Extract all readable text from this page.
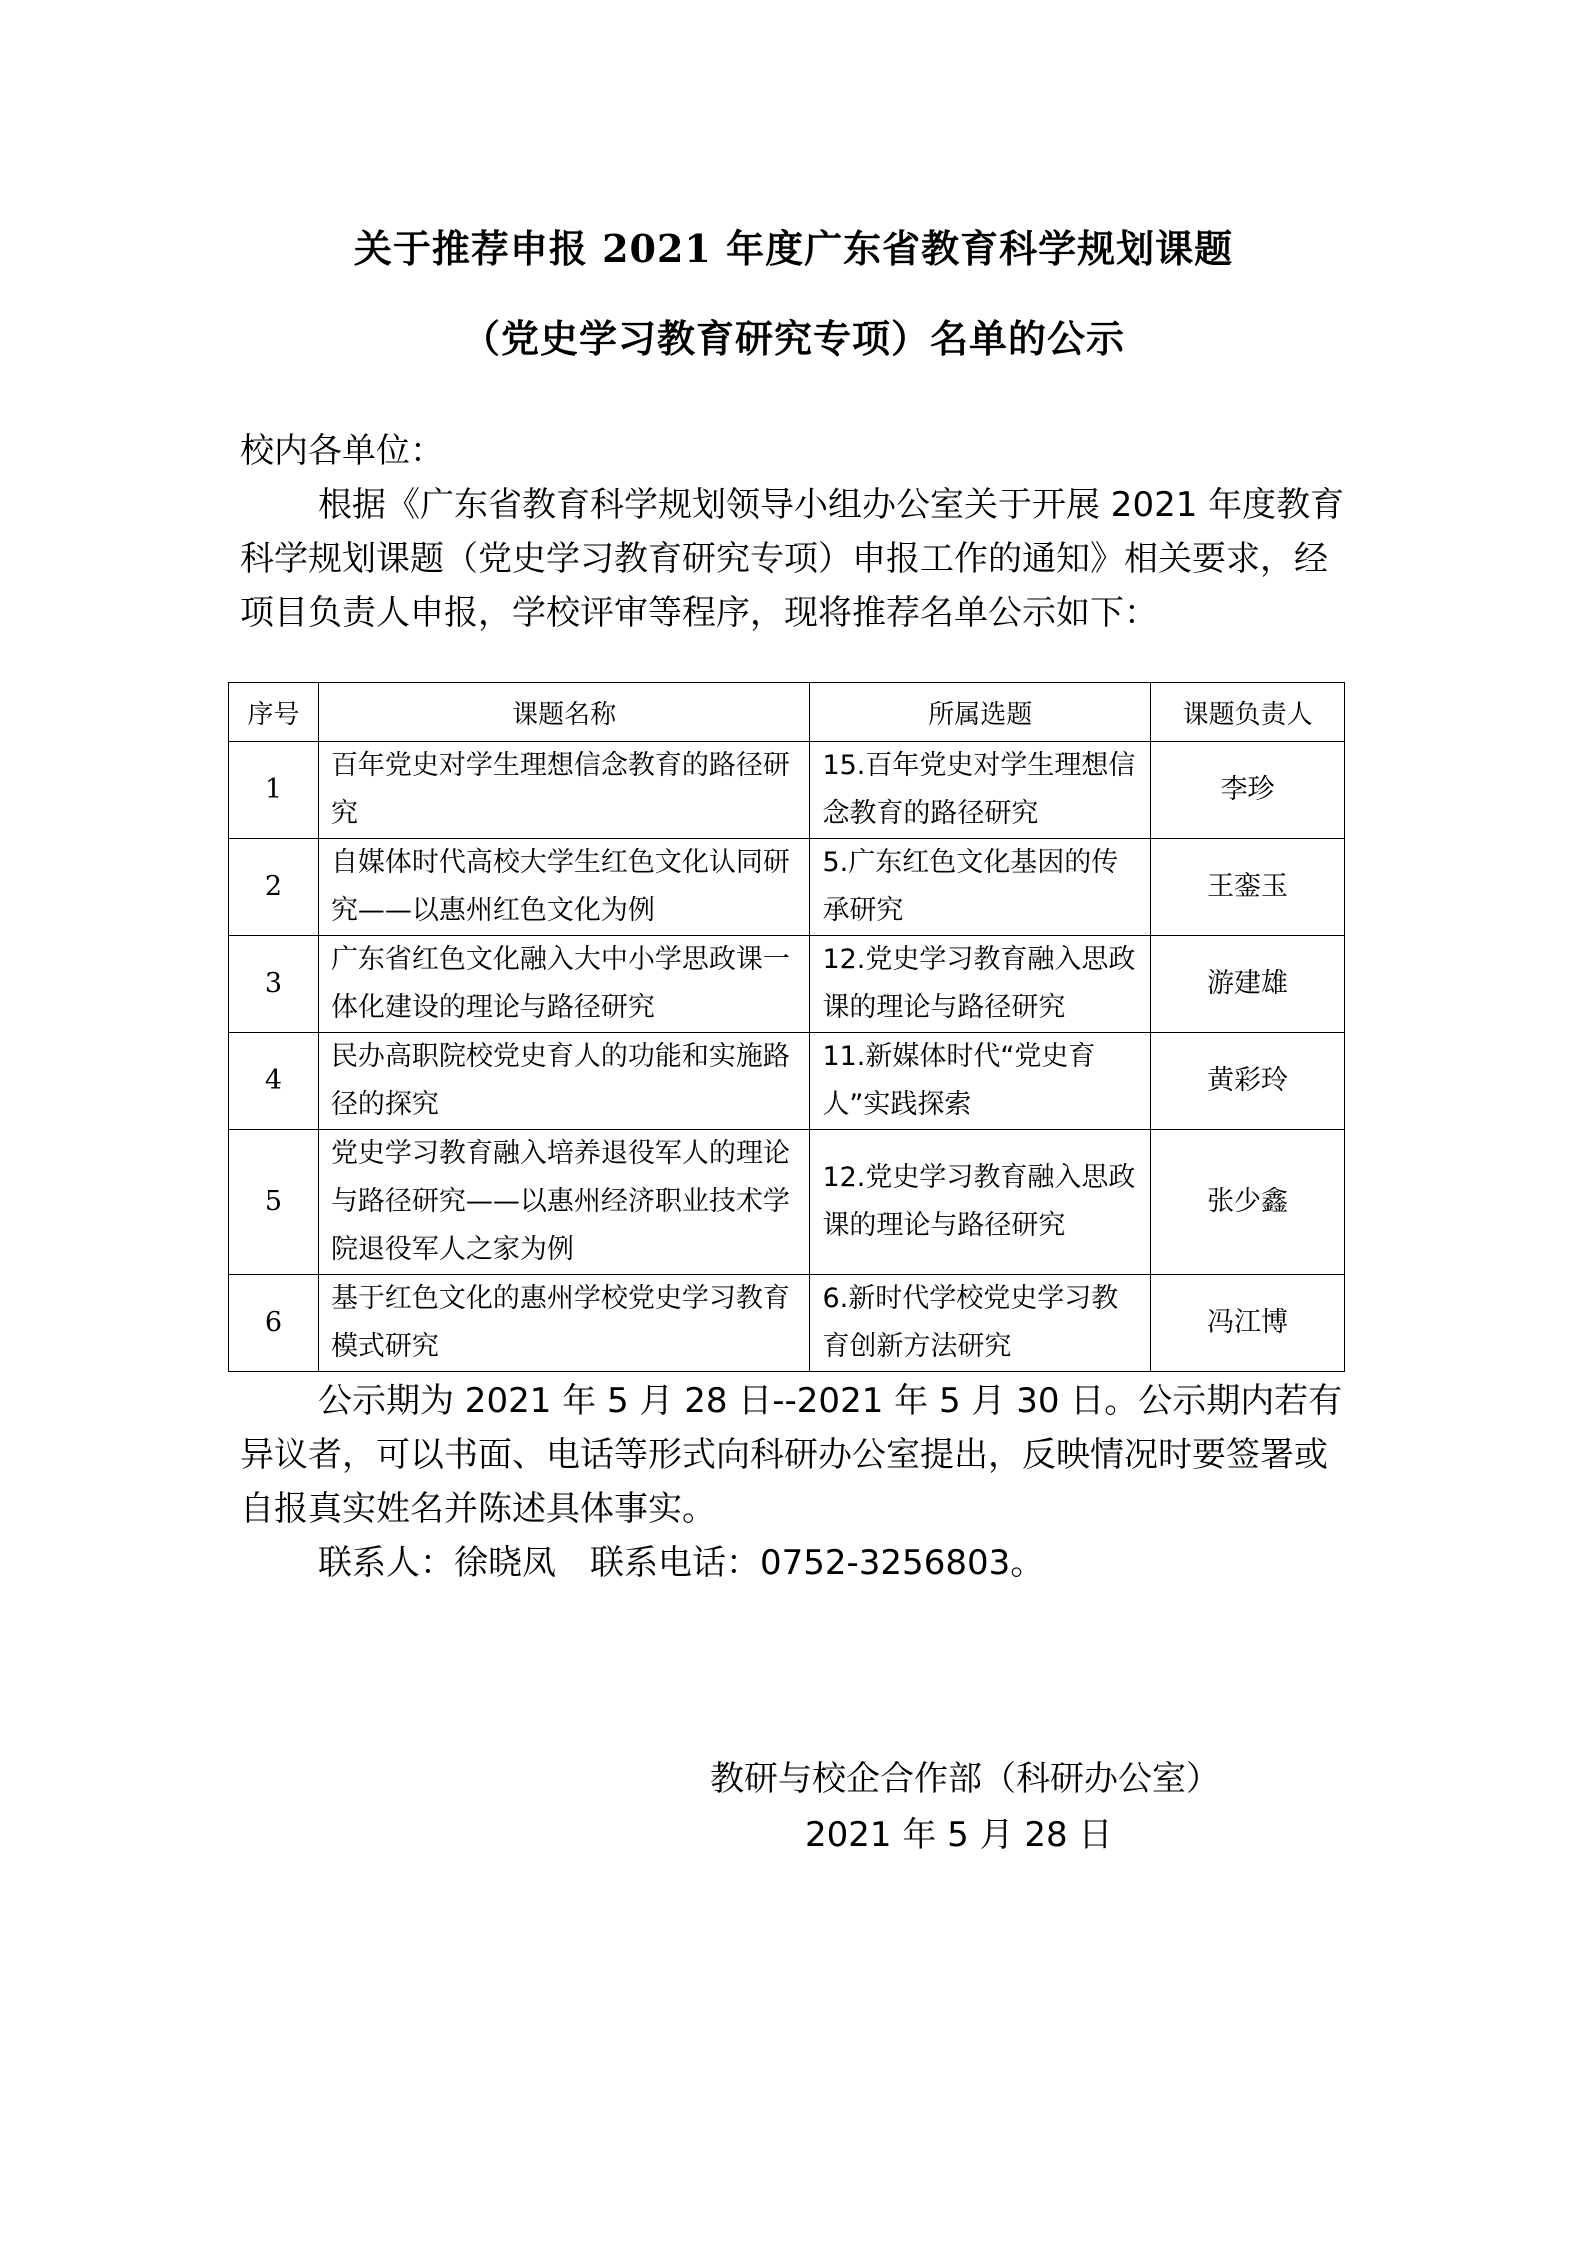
关于推荐申报 2021 年度广东省教育科学规划课题
（党史学习教育研究专项）名单的公示

校内各单位：

根据《广东省教育科学规划领导小组办公室关于开展 2021 年度教育科学规划课题（党史学习教育研究专项）申报工作的通知》相关要求，经项目负责人申报，学校评审等程序，现将推荐名单公示如下：

序号	课题名称	所属选题	课题负责人
1	百年党史对学生理想信念教育的路径研究	15.百年党史对学生理想信念教育的路径研究	李珍
2	自媒体时代高校大学生红色文化认同研究——以惠州红色文化为例	5.广东红色文化基因的传承研究	王銮玉
3	广东省红色文化融入大中小学思政课一体化建设的理论与路径研究	12.党史学习教育融入思政课的理论与路径研究	游建雄
4	民办高职院校党史育人的功能和实施路径的探究	11.新媒体时代“党史育人”实践探索	黄彩玲
5	党史学习教育融入培养退役军人的理论与路径研究——以惠州经济职业技术学院退役军人之家为例	12.党史学习教育融入思政课的理论与路径研究	张少鑫
6	基于红色文化的惠州学校党史学习教育模式研究	6.新时代学校党史学习教育创新方法研究	冯江博

公示期为 2021 年 5 月 28 日--2021 年 5 月 30 日。公示期内若有异议者，可以书面、电话等形式向科研办公室提出，反映情况时要签署或自报真实姓名并陈述具体事实。

联系人：徐晓凤　联系电话：0752-3256803。

教研与校企合作部（科研办公室）
2021 年 5 月 28 日
